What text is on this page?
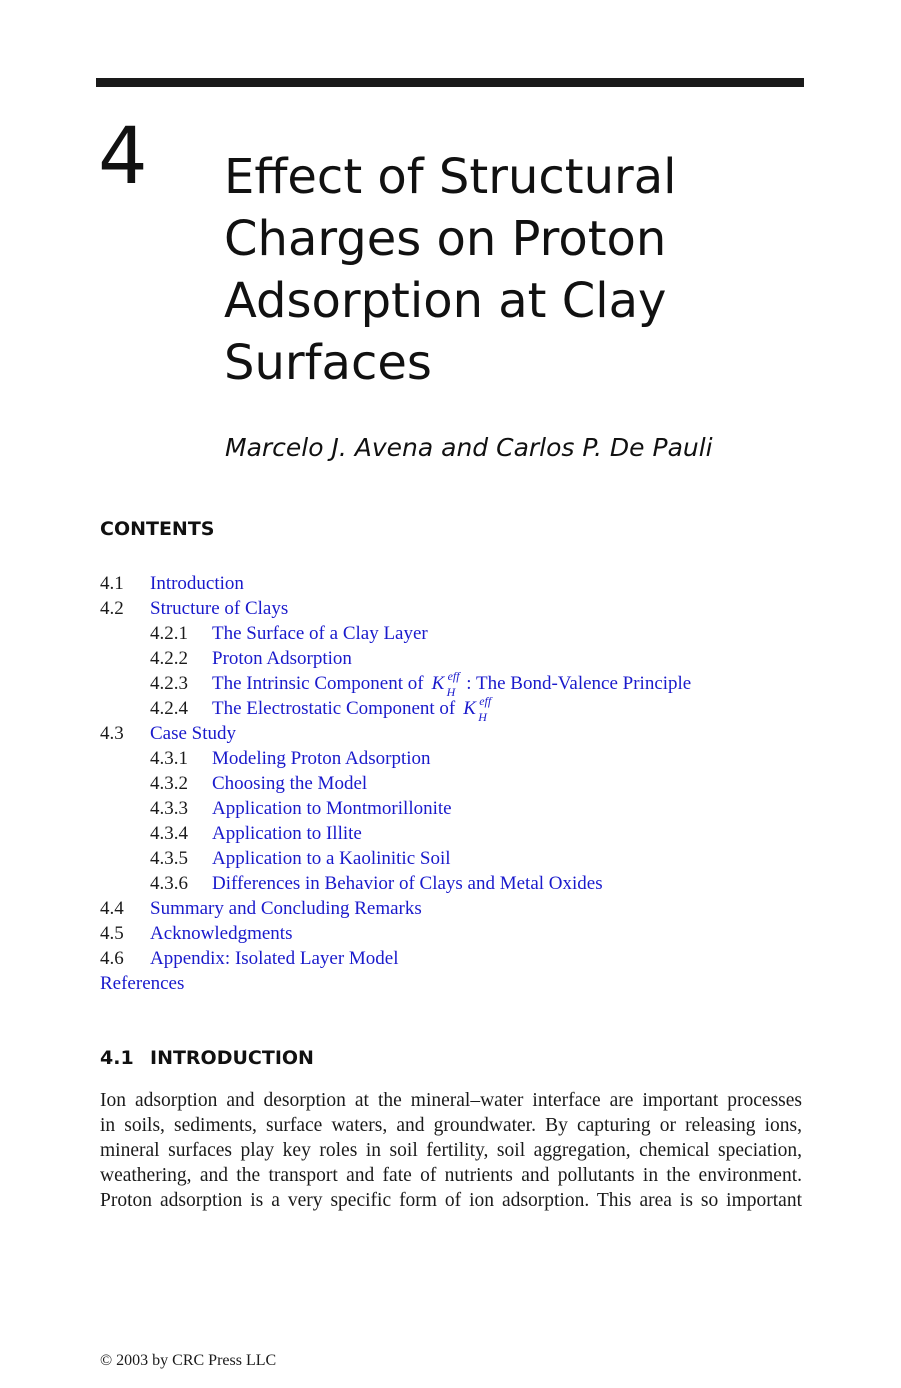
4 Effect of Structural
Charges on Proton
Adsorption at Clay
Surfaces
Marcelo J. Avena and Carlos P. De Pauli
CONTENTS
4.1 Introduction
4.2 Structure of Clays
4.2.1 The Surface of a Clay Layer
4.2.2 Proton Adsorption
4.2.3 The Intrinsic Component of K eff
H : The Bond-Valence Principle
4.2.4 The Electrostatic Component of K eff
H
4.3 Case Study
4.3.1 Modeling Proton Adsorption
4.3.2 Choosing the Model
4.3.3 Application to Montmorillonite
4.3.4 Application to Illite
4.3.5 Application to a Kaolinitic Soil
4.3.6 Differences in Behavior of Clays and Metal Oxides
4.4 Summary and Concluding Remarks
4.5 Acknowledgments
4.6 Appendix: Isolated Layer Model
References
4.1 INTRODUCTION
Ion adsorption and desorption at the mineral–water interface are important processes
in soils, sediments, surface waters, and groundwater. By capturing or releasing ions,
mineral surfaces play key roles in soil fertility, soil aggregation, chemical speciation,
weathering, and the transport and fate of nutrients and pollutants in the environment.
Proton adsorption is a very specific form of ion adsorption. This area is so important
© 2003 by CRC Press LLC
